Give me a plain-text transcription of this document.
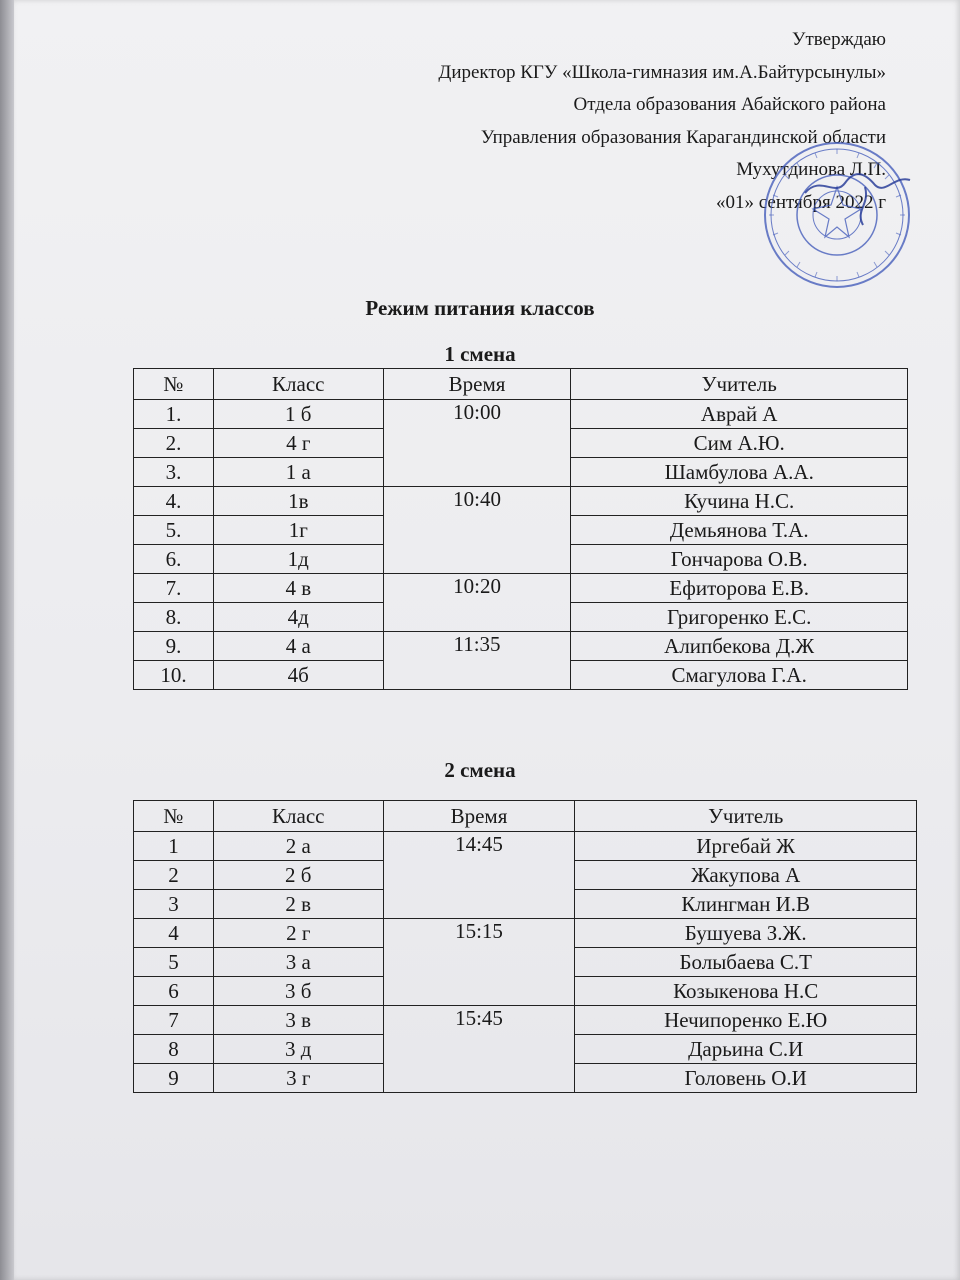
Утверждаю
Директор КГУ «Школа-гимназия им.А.Байтурсынулы»
Отдела образования Абайского района
Управления образования Карагандинской области
Мухутдинова Л.П.
«01» сентября 2022 г
Режим питания классов
1 смена
№	Класс	Время	Учитель
1.	1 б	10:00	Аврай А
2.	4 г		Сим А.Ю.
3.	1 а		Шамбулова А.А.
4.	1в	10:40	Кучина Н.С.
5.	1г		Демьянова Т.А.
6.	1д		Гончарова О.В.
7.	4 в	10:20	Ефиторова Е.В.
8.	4д		Григоренко Е.С.
9.	4 а	11:35	Алипбекова Д.Ж
10.	4б		Смагулова Г.А.
2 смена
№	Класс	Время	Учитель
1	2 а	14:45	Иргебай Ж
2	2 б		Жакупова А
3	2 в		Клингман И.В
4	2 г	15:15	Бушуева З.Ж.
5	3 а		Болыбаева С.Т
6	3 б		Козыкенова Н.С
7	3 в	15:45	Нечипоренко Е.Ю
8	3 д		Дарьина С.И
9	3 г		Головень О.И
